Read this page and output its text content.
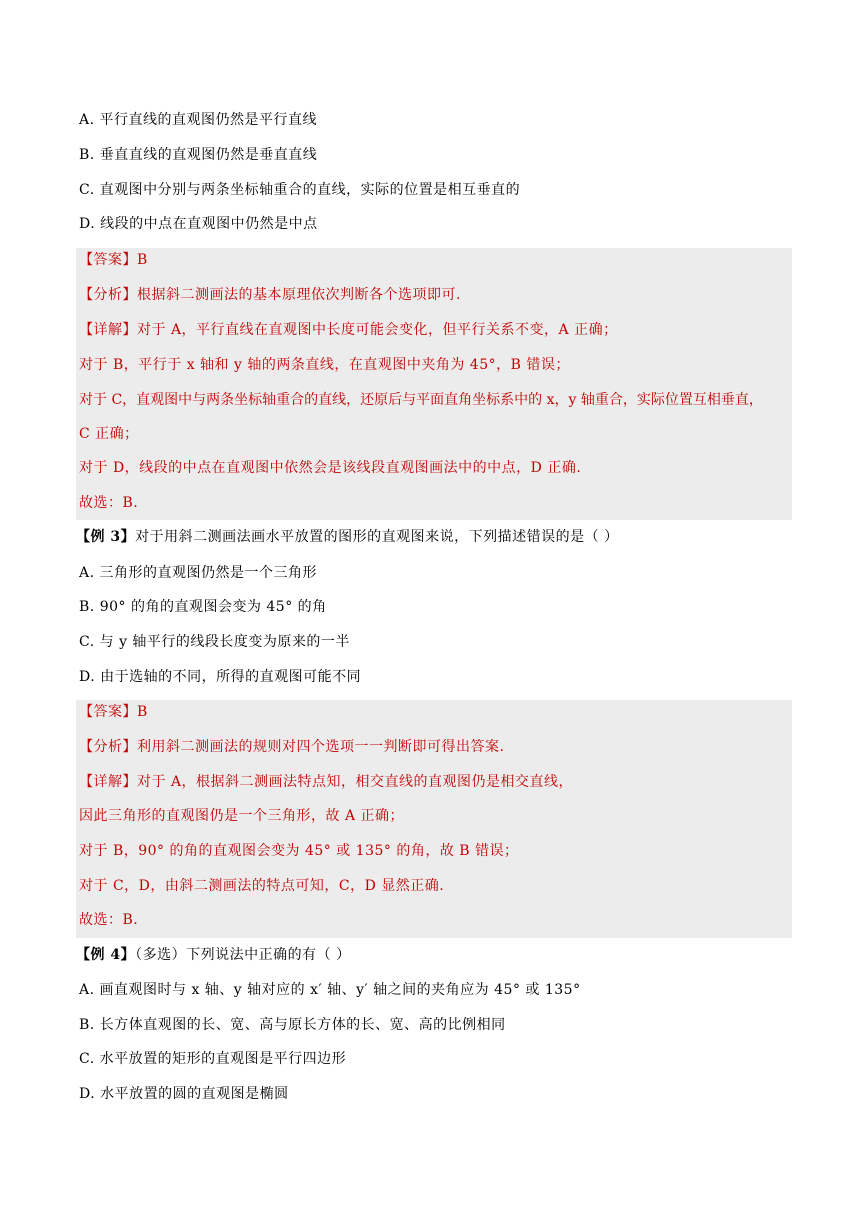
A. 平行直线的直观图仍然是平行直线
B. 垂直直线的直观图仍然是垂直直线
C. 直观图中分别与两条坐标轴重合的直线，实际的位置是相互垂直的
D. 线段的中点在直观图中仍然是中点
【答案】B
【分析】根据斜二测画法的基本原理依次判断各个选项即可.
【详解】对于 A，平行直线在直观图中长度可能会变化，但平行关系不变，A 正确；
对于 B，平行于 x 轴和 y 轴的两条直线，在直观图中夹角为 45°，B 错误；
对于 C，直观图中与两条坐标轴重合的直线，还原后与平面直角坐标系中的 x，y 轴重合，实际位置互相垂直，
C 正确；
对于 D，线段的中点在直观图中依然会是该线段直观图画法中的中点，D 正确.
故选：B.
【例 3】对于用斜二测画法画水平放置的图形的直观图来说，下列描述错误的是（ ）
A. 三角形的直观图仍然是一个三角形
B. 90° 的角的直观图会变为 45° 的角
C. 与 y 轴平行的线段长度变为原来的一半
D. 由于选轴的不同，所得的直观图可能不同
【答案】B
【分析】利用斜二测画法的规则对四个选项一一判断即可得出答案.
【详解】对于 A，根据斜二测画法特点知，相交直线的直观图仍是相交直线，
因此三角形的直观图仍是一个三角形，故 A 正确；
对于 B，90° 的角的直观图会变为 45° 或 135° 的角，故 B 错误；
对于 C，D，由斜二测画法的特点可知，C，D 显然正确.
故选：B.
【例 4】（多选）下列说法中正确的有（ ）
A. 画直观图时与 x 轴、y 轴对应的 x′ 轴、y′ 轴之间的夹角应为 45° 或 135°
B. 长方体直观图的长、宽、高与原长方体的长、宽、高的比例相同
C. 水平放置的矩形的直观图是平行四边形
D. 水平放置的圆的直观图是椭圆
